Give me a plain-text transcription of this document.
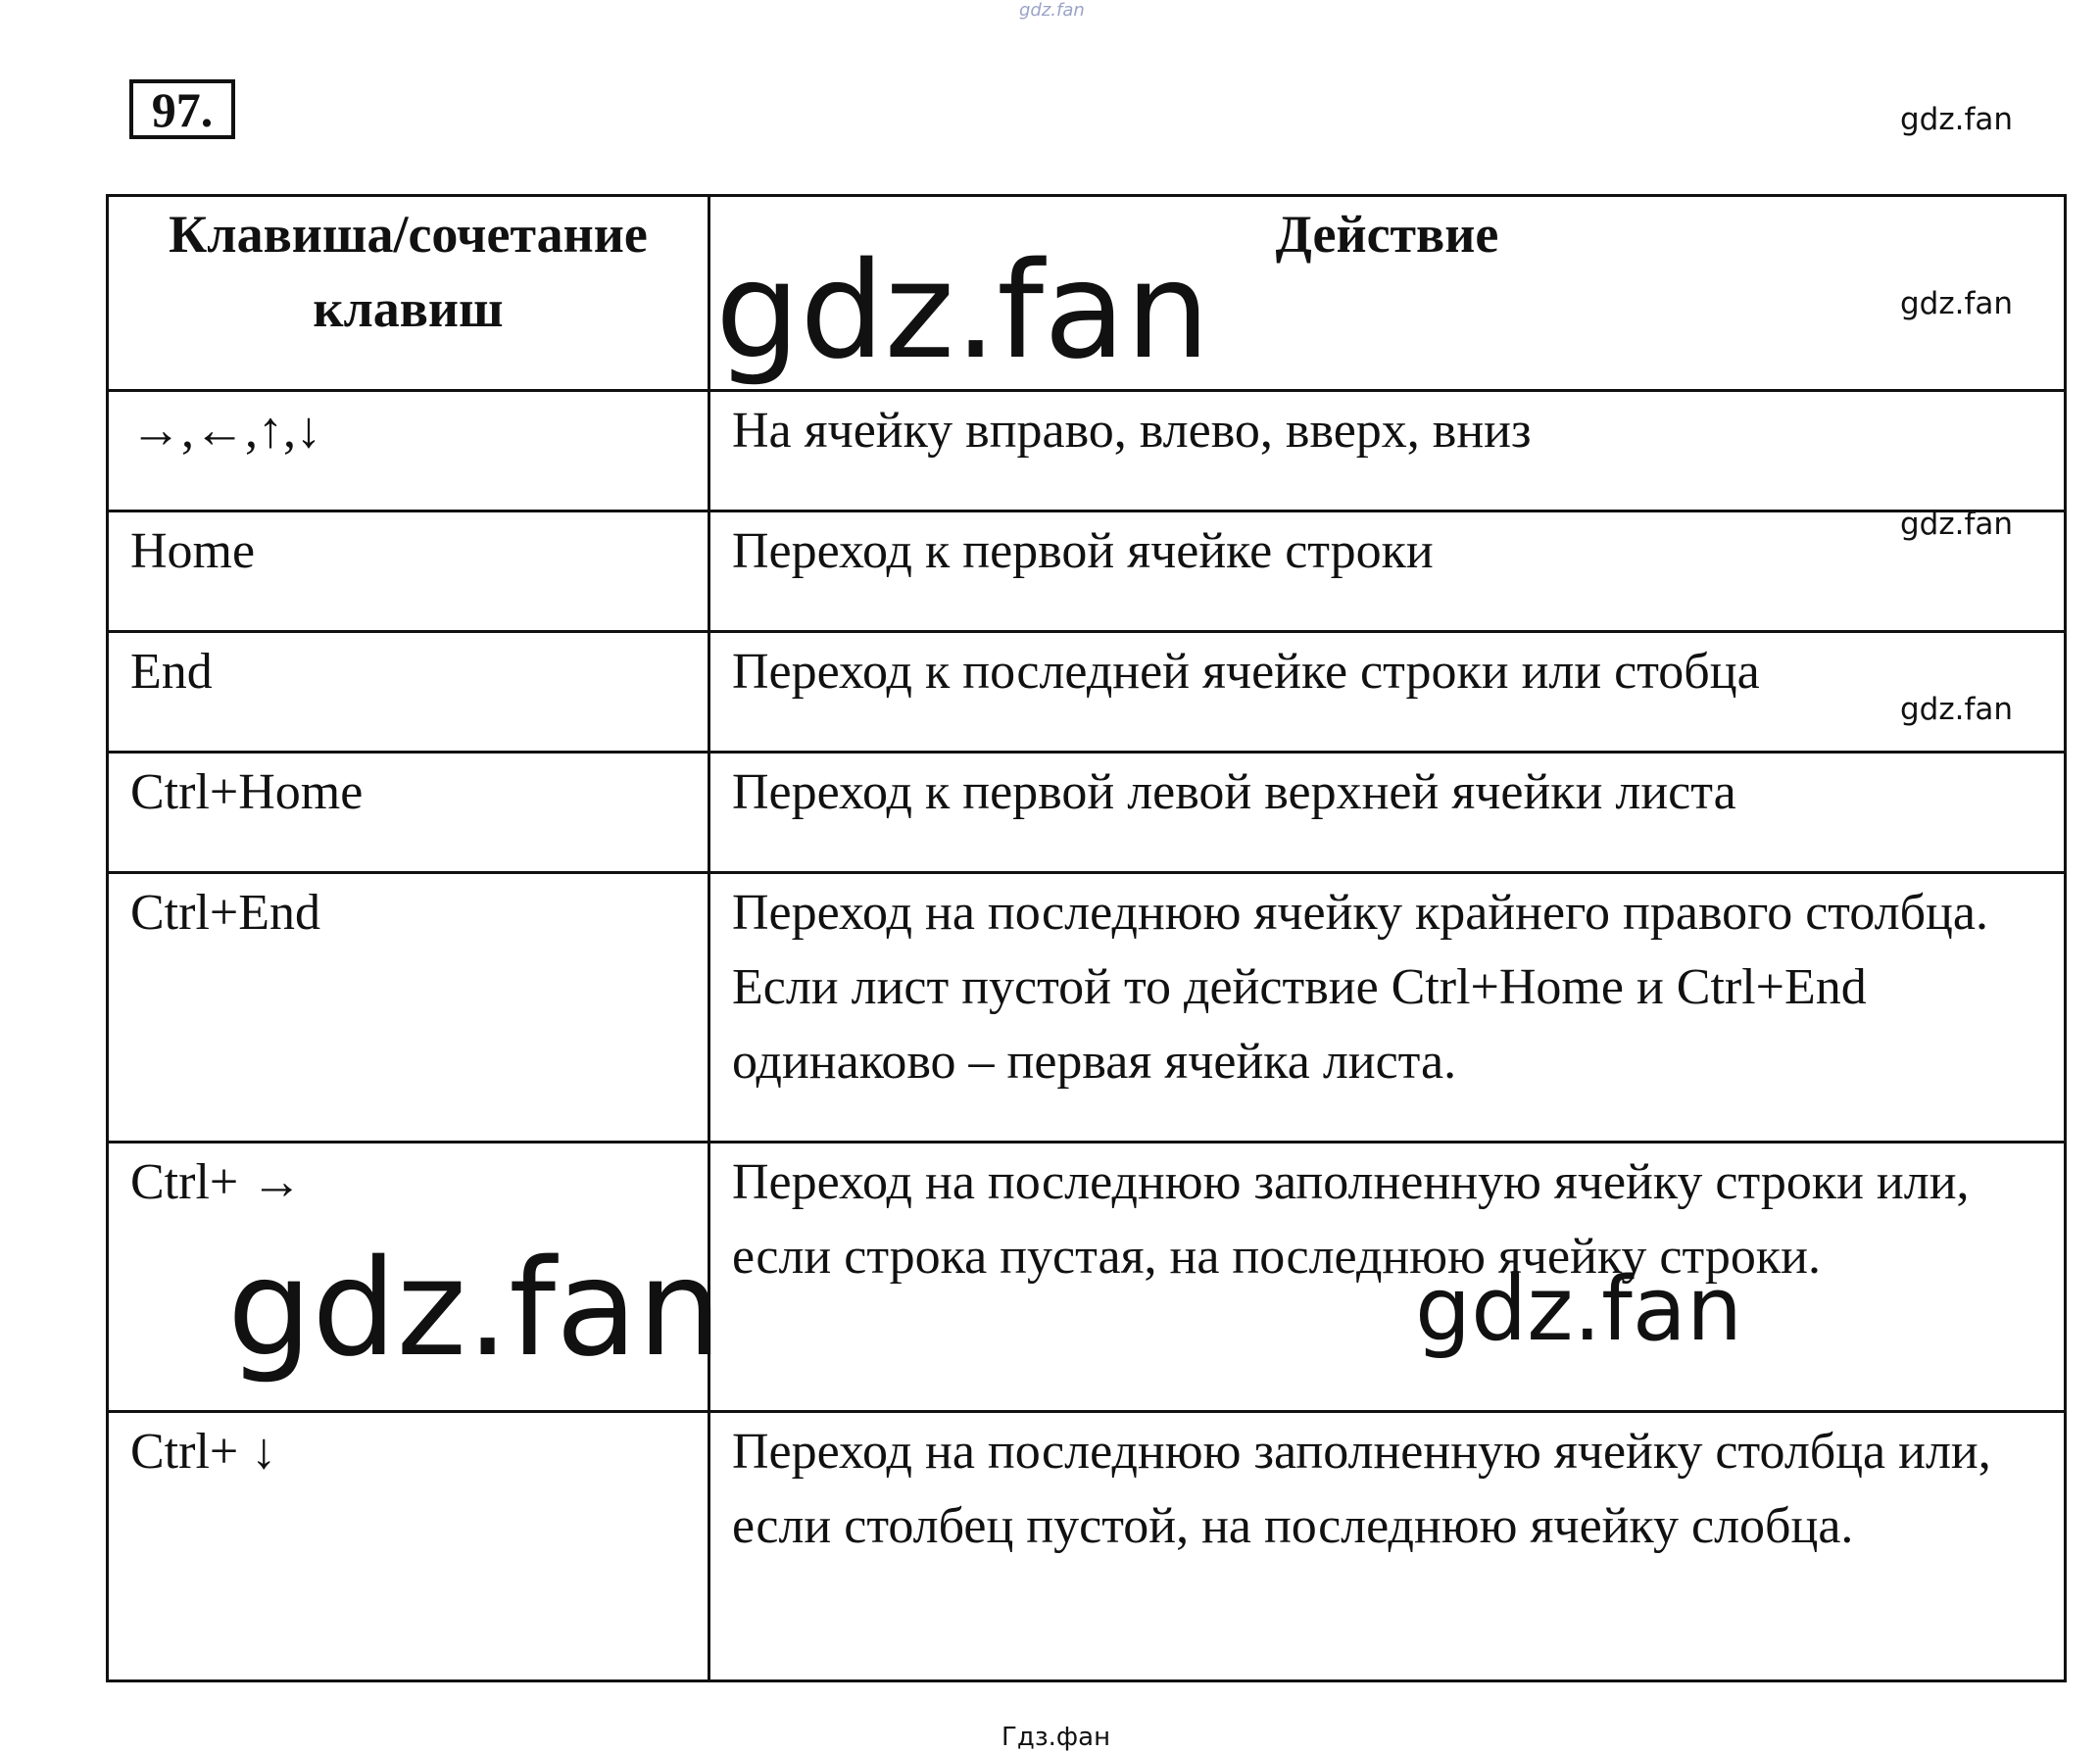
gdz.fan
97.	gdz.fan
gdz.fan
gdz.fan
gdz.fan
Клавиша/сочетание клавиш	Действие
→,←,↑,↓	На ячейку вправо, влево, вверх, вниз
Home	Переход к первой ячейке строки
End	Переход к последней ячейке строки или стобца
Ctrl+Home	Переход к первой левой верхней ячейки листа
Ctrl+End	Переход на последнюю ячейку крайнего правого столбца. Если лист пустой то действие Ctrl+Home и Ctrl+End одинаково – первая ячейка листа.
Ctrl+ →	Переход на последнюю заполненную ячейку строки или, если строка пустая, на последнюю ячейку строки.
Ctrl+ ↓	Переход на последнюю заполненную ячейку столбца или, если столбец пустой, на последнюю ячейку слобца.
gdz.fan
gdz.fan	gdz.fan
Гдз.фан
